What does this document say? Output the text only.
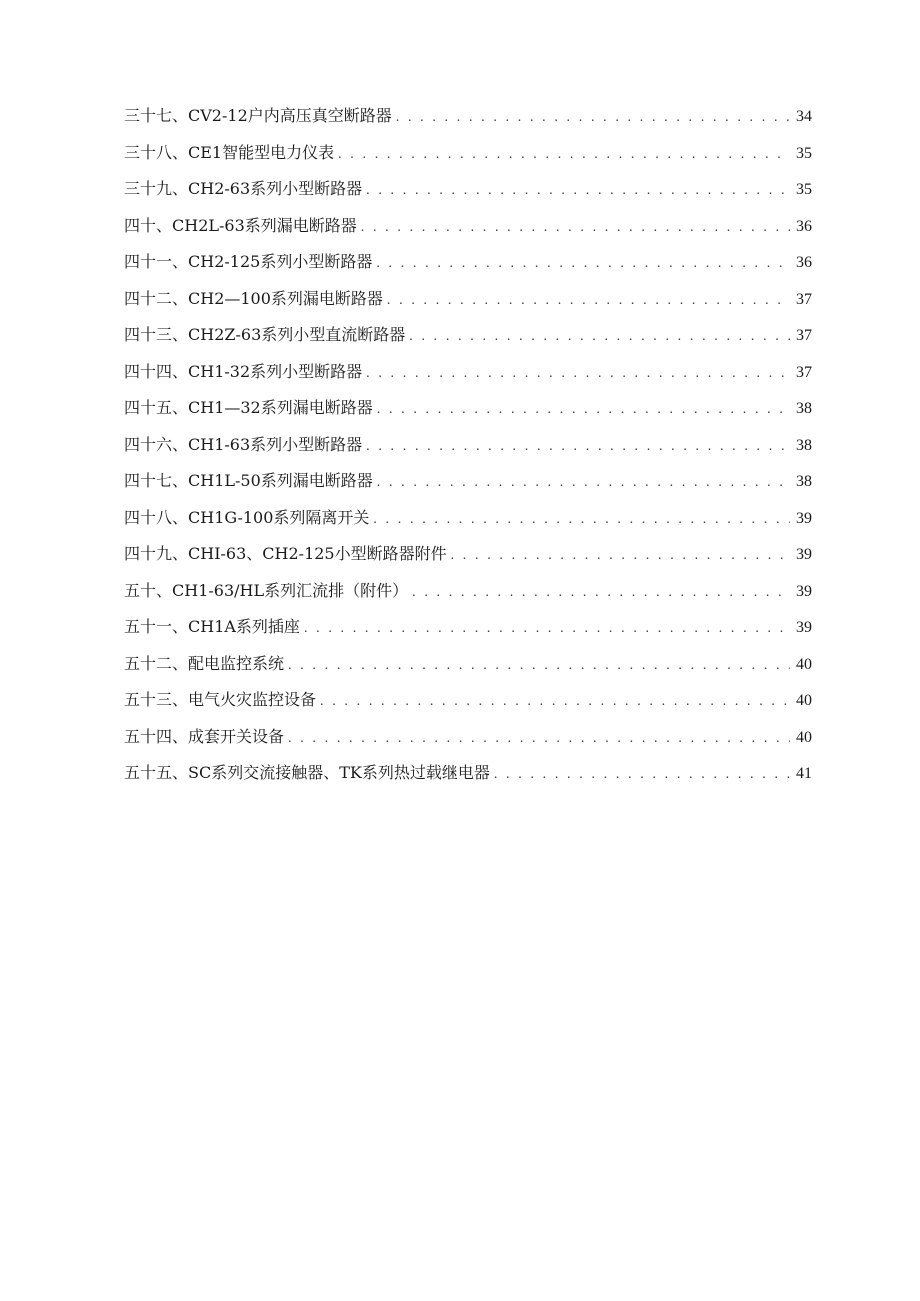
三十七、CV2-12户内高压真空断路器 . . .	34
三十八、CE1智能型电力仪表 . . .	35
三十九、CH2-63系列小型断路器 . . .	35
四十、CH2L-63系列漏电断路器 . . .	36
四十一、CH2-125系列小型断路器 . . .	36
四十二、CH2—100系列漏电断路器 . . .	37
四十三、CH2Z-63系列小型直流断路器 . . .	37
四十四、CH1-32系列小型断路器 . . .	37
四十五、CH1—32系列漏电断路器 . . .	38
四十六、CH1-63系列小型断路器 . . .	38
四十七、CH1L-50系列漏电断路器 . . .	38
四十八、CH1G-100系列隔离开关 . . .	39
四十九、CHI-63、CH2-125小型断路器附件 . . .	39
五十、CH1-63/HL系列汇流排（附件） . . .	39
五十一、CH1A系列插座 . . .	39
五十二、配电监控系统 . . .	40
五十三、电气火灾监控设备 . . .	40
五十四、成套开关设备 . . .	40
五十五、SC系列交流接触器、TK系列热过载继电器 . . .	41
